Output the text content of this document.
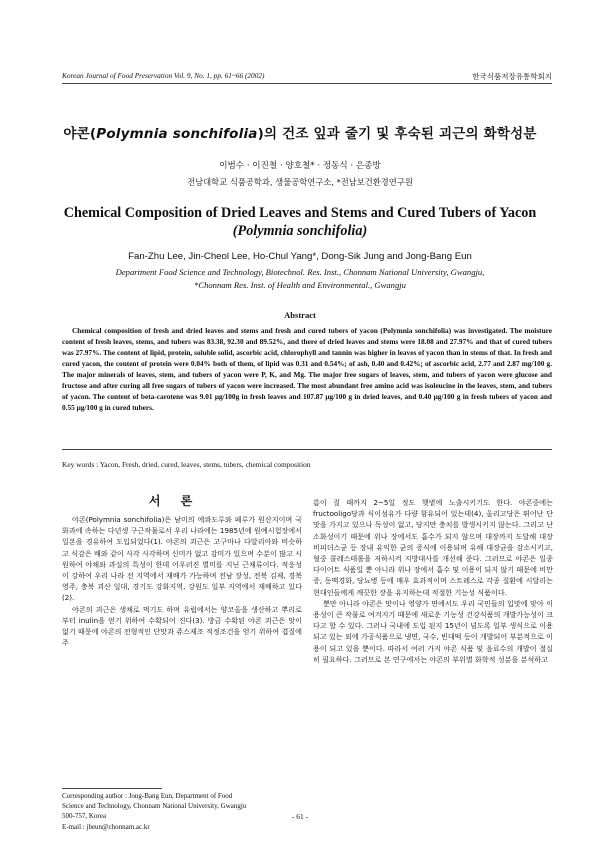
Korean Journal of Food Preservation Vol. 9, No. 1, pp. 61~66 (2002)	한국식품저장유통학회지
야콘(Polymnia sonchifolia)의 건조 잎과 줄기 및 후숙된 괴근의 화학성분
이범수 · 이진철 · 양호철* · 정동식 · 은종방
전남대학교 식품공학과, 생물공학연구소, *전남보건환경연구원
Chemical Composition of Dried Leaves and Stems and Cured Tubers of Yacon
(Polymnia sonchifolia)
Fan-Zhu Lee, Jin-Cheol Lee, Ho-Chul Yang*, Dong-Sik Jung and Jong-Bang Eun
Department Food Science and Technology, Biotechnol. Res. Inst., Chonnam National University, Gwangju,
*Chonnam Res. Inst. of Health and Environmental., Gwangju
Abstract
Chemical composition of fresh and dried leaves and stems and fresh and cured tubers of yacon (Polymnia sonchifolia) was investigated. The moisture content of fresh leaves, stems, and tubers was 83.38, 92.30 and 89.52%, and there of dried leaves and stems were 18.08 and 27.97% and that of cured tubers was 27.97%. The content of lipid, protein, soluble solid, ascorbic acid, chlorophyll and tannin was higher in leaves of yacon than in stems of that. In fresh and cured yacon, the content of protein were 0.04% both of them, of lipid was 0.31 and 0.54%; of ash, 0.40 and 0.42%; of ascorbic acid, 2.77 and 2.87 mg/100 g. The major minerals of leaves, stem, and tubers of yacon were P, K, and Mg. The major free sugars of leaves, stem, and tubers of yacon were glucose and fructose and after curing all free sugars of tubers of yacon were increased. The most abundant free amino acid was isoleucine in the leaves, stem, and tubers of yacon. The content of beta-carotene was 9.01 μg/100g in fresh leaves and 107.87 μg/100 g in dried leaves, and 0.40 μg/100 g in fresh tubers of yacon and 0.55 μg/100 g in cured tubers.
Key words : Yacon, Fresh, dried, cured, leaves, stems, tubers, chemical composition
서 론

야콘(Polymnia sonchifolia)은 남미의 에콰도루와 페루가 원산지이며 국화과에 속하는 다년생 구근작물로서 우리 나라에는 1985년에 원예시험장에서 일본을 경유하여 도입되었다(1). 야콘의 괴근은 고구마나 다알리아와 비슷하고 식감은 배와 같이 사각 사각하며 신미가 없고 감미가 있으며 수분이 많고 시원하여 야채와 과실의 특성이 한데 어우러진 별미를 지닌 근채류이다. 적응성이 강하여 우리 나라 전 지역에서 재배가 가능하며 전남 장성, 전북 김제, 경북 영주, 충북 괴산 일대, 경기도 강화지역, 강원도 일부 지역에서 재배하고 있다(2).

야콘의 괴근은 생채로 먹기도 하며 유럽에서는 양코올을 생산하고 뿌리로부터 inulin을 얻기 위하여 수확되어 진다(3). 방금 수확된 야콘 괴근은 맛이 없기 때문에 야콘의 전형적인 단맛과 쥬스제조 적정조건을 얻기 위하여 겹질에 주

름이 질 때까지 2~5일 정도 햇볕에 노출시키기도 한다. 야콘중에는 fructooligo당과 식이섬유가 다량 함유되어 있는데(4), 올리고당은 뛰어난 단맛을 가지고 있으나 독성이 없고, 당지만 충치를 발생시키지 않는다. 그리고 난소화성이기 때문에 위나 장에서도 흡수가 되지 않으며 대장까지 도달해 대장 비피더스균 등 장내 유익한 균의 증식에 이용되며 유해 대장균을 감소시키고, 혈중 콜레스테롤을 저하시켜 지방대사를 개선해 준다. 그러므로 야콘은 일종 다이어트 식품일 뿐 아니라 위나 장에서 흡수 및 이용이 되지 않기 때문에 비만증, 동맥경화, 당뇨병 등에 매우 효과적이며 스트레스로 각종 질환에 시달리는 현대인들에게 깨끗한 장을 유지하는데 적절한 기능성 식품이다.

뿐만 아니라 야콘은 맛이나 영양가 면에서도 우리 국민들의 입맛에 맞아 이용성이 큰 작물로 여겨지기 때문에 새로운 기능성 건강식품의 개발가능성이 크다고 할 수 있다. 그러나 국내에 도입 된지 15년이 넘도록 일부 생식으로 이용되고 있는 외에 가공식품으로 냉면, 국수, 빈대떡 등이 개발되어 부분적으로 이용이 되고 있을 뿐이다. 따라서 여러 가지 야콘 식품 및 음료수의 개발이 절실히 필요하다. 그러므로 본 연구에서는 야콘의 부위별 화학적 성분을 분석하고

Corresponding author : Jong-Bang Eun, Department of Food
Science and Technology, Chonnam National University, Gwangju
500-757, Korea
E-mail : jbeun@chonnam.ac.kr
- 61 -
